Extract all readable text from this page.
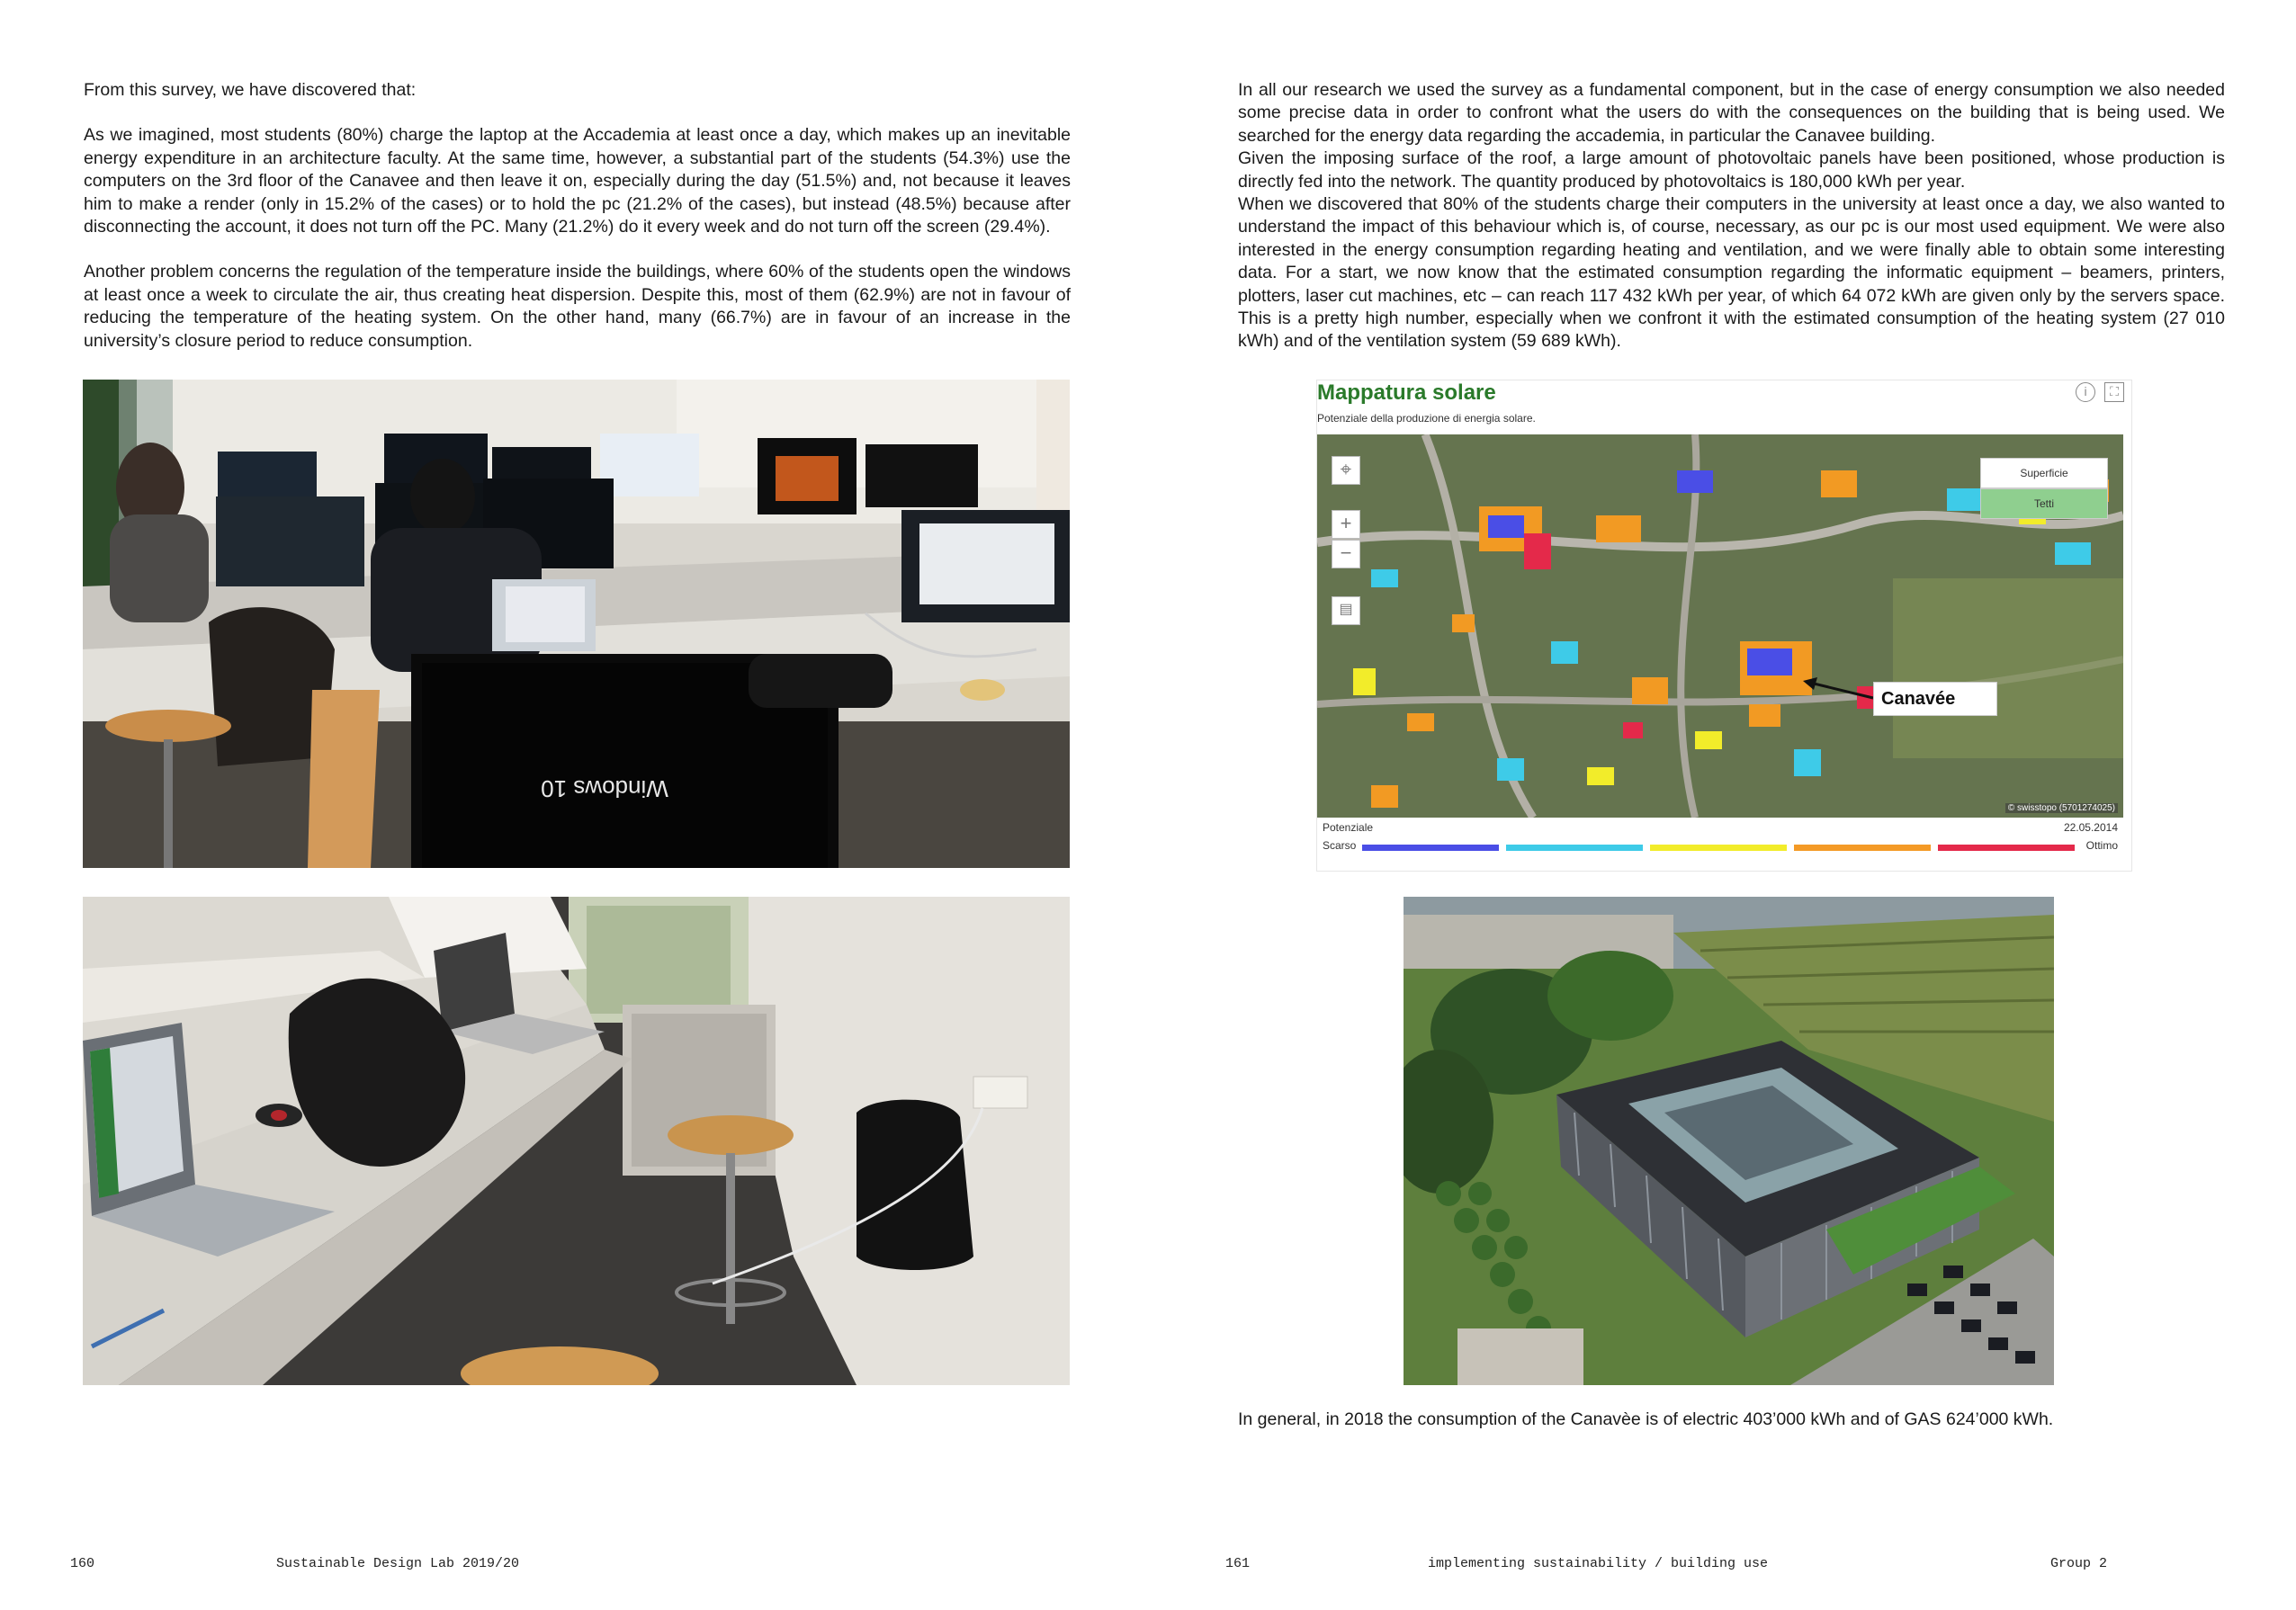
From this survey, we have discovered that:

As we imagined, most students (80%) charge the laptop at the Accademia at least once a day, which makes up an inevitable energy expenditure in an architecture faculty. At the same time, however, a substantial part of the students (54.3%) use the computers on the 3rd floor of the Canavee and then leave it on, especially during the day (51.5%) and, not because it leaves him to make a render (only in 15.2% of the cases) or to hold the pc (21.2% of the cases), but instead (48.5%) because after disconnecting the account, it does not turn off the PC. Many (21.2%) do it every week and do not turn off the screen (29.4%).

Another problem concerns the regulation of the temperature inside the buildings, where 60% of the students open the windows at least once a week to circulate the air, thus creating heat dispersion. Despite this, most of them (62.9%) are not in favour of reducing the temperature of the heating system. On the other hand, many (66.7%) are in favour of an increase in the university’s closure period to reduce consumption.

Windows 10
160	Sustainable Design Lab 2019/20

In all our research we used the survey as a fundamental component, but in the case of energy consumption we also needed some precise data in order to confront what the users do with the consequences on the building that is being used. We searched for the energy data regarding the accademia, in particular the Canavee building.

Given the imposing surface of the roof, a large amount of photovoltaic panels have been positioned, whose production is directly fed into the network. The quantity produced by photovoltaics is 180,000 kWh per year.

When we discovered that 80% of the students charge their computers in the university at least once a day, we also wanted to understand the impact of this behaviour which is, of course, necessary, as our pc is our most used equipment. We were also interested in the energy consumption regarding heating and ventilation, and we were finally able to obtain some interesting data. For a start, we now know that the estimated consumption regarding the informatic equipment – beamers, printers, plotters, laser cut machines, etc – can reach 117 432 kWh per year, of which 64 072 kWh are given only by the servers space. This is a pretty high number, especially when we confront it with the estimated consumption of the heating system (27 010 kWh) and of the ventilation system (59 689 kWh).

Mappatura solare
Potenziale della produzione di energia solare.
i	⛶
⌖
+
−
▤
Superficie
Tetti
Canavée
© swisstopo (5701274025)
Potenziale	22.05.2014
Scarso	Ottimo
In general, in 2018 the consumption of the Canavèe is of electric 403’000 kWh and of GAS 624’000 kWh.
161	implementing sustainability / building use	Group 2
